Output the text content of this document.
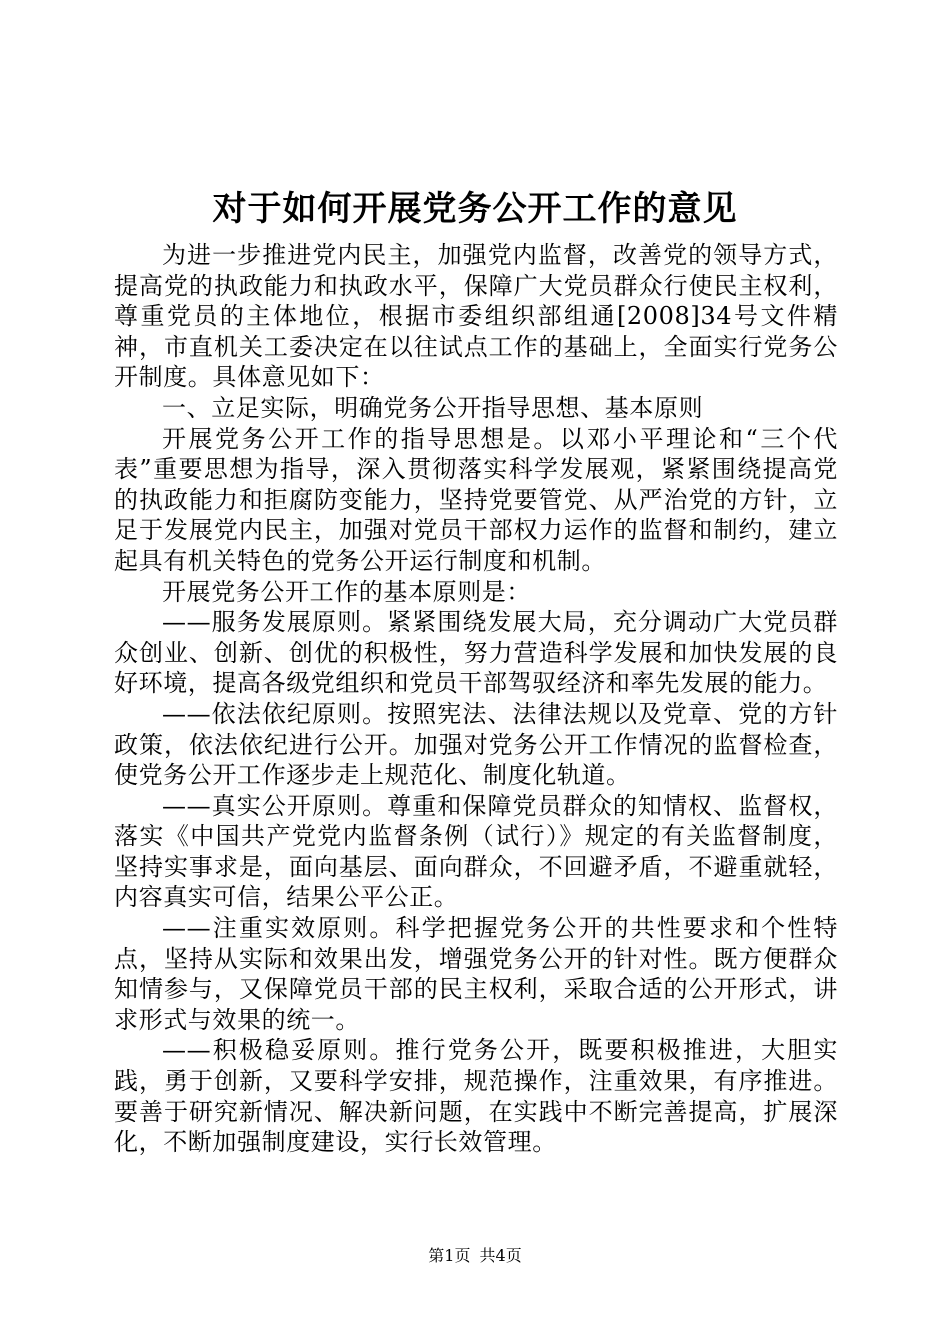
对于如何开展党务公开工作的意见

为进一步推进党内民主，加强党内监督，改善党的领导方式，提高党的执政能力和执政水平，保障广大党员群众行使民主权利，尊重党员的主体地位，根据市委组织部组通[2008]34号文件精神，市直机关工委决定在以往试点工作的基础上，全面实行党务公开制度。具体意见如下：

一、立足实际，明确党务公开指导思想、基本原则

开展党务公开工作的指导思想是。以邓小平理论和“三个代表”重要思想为指导，深入贯彻落实科学发展观，紧紧围绕提高党的执政能力和拒腐防变能力，坚持党要管党、从严治党的方针，立足于发展党内民主，加强对党员干部权力运作的监督和制约，建立起具有机关特色的党务公开运行制度和机制。

开展党务公开工作的基本原则是：

——服务发展原则。紧紧围绕发展大局，充分调动广大党员群众创业、创新、创优的积极性，努力营造科学发展和加快发展的良好环境，提高各级党组织和党员干部驾驭经济和率先发展的能力。

——依法依纪原则。按照宪法、法律法规以及党章、党的方针政策，依法依纪进行公开。加强对党务公开工作情况的监督检查，使党务公开工作逐步走上规范化、制度化轨道。

——真实公开原则。尊重和保障党员群众的知情权、监督权，落实《中国共产党党内监督条例（试行）》规定的有关监督制度，坚持实事求是，面向基层、面向群众，不回避矛盾，不避重就轻，内容真实可信，结果公平公正。

——注重实效原则。科学把握党务公开的共性要求和个性特点，坚持从实际和效果出发，增强党务公开的针对性。既方便群众知情参与，又保障党员干部的民主权利，采取合适的公开形式，讲求形式与效果的统一。

——积极稳妥原则。推行党务公开，既要积极推进，大胆实践，勇于创新，又要科学安排，规范操作，注重效果，有序推进。要善于研究新情况、解决新问题，在实践中不断完善提高，扩展深化，不断加强制度建设，实行长效管理。

第1页 共4页
